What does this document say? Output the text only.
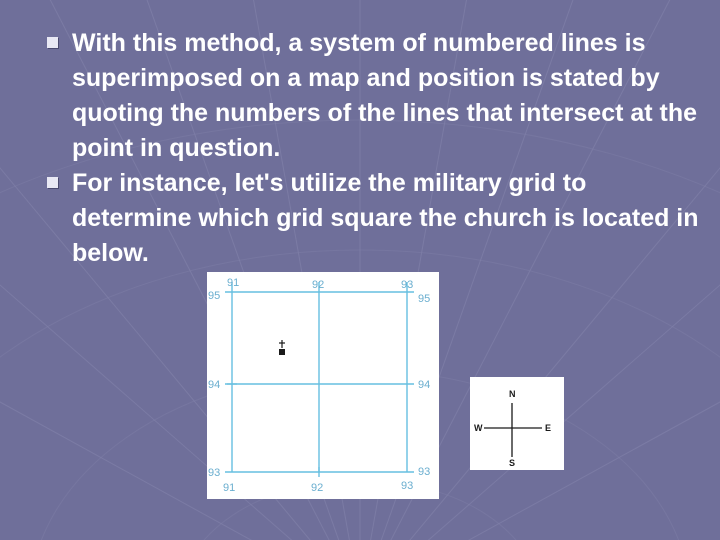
With this method, a system of numbered lines is superimposed on a map and position is stated by quoting the numbers of the lines that intersect at the point in question.
For instance, let's utilize the military grid to determine which grid square the church is located in below.
91	92	93
91	92	93
95
94
93
95
94
93
N
S
W	E
